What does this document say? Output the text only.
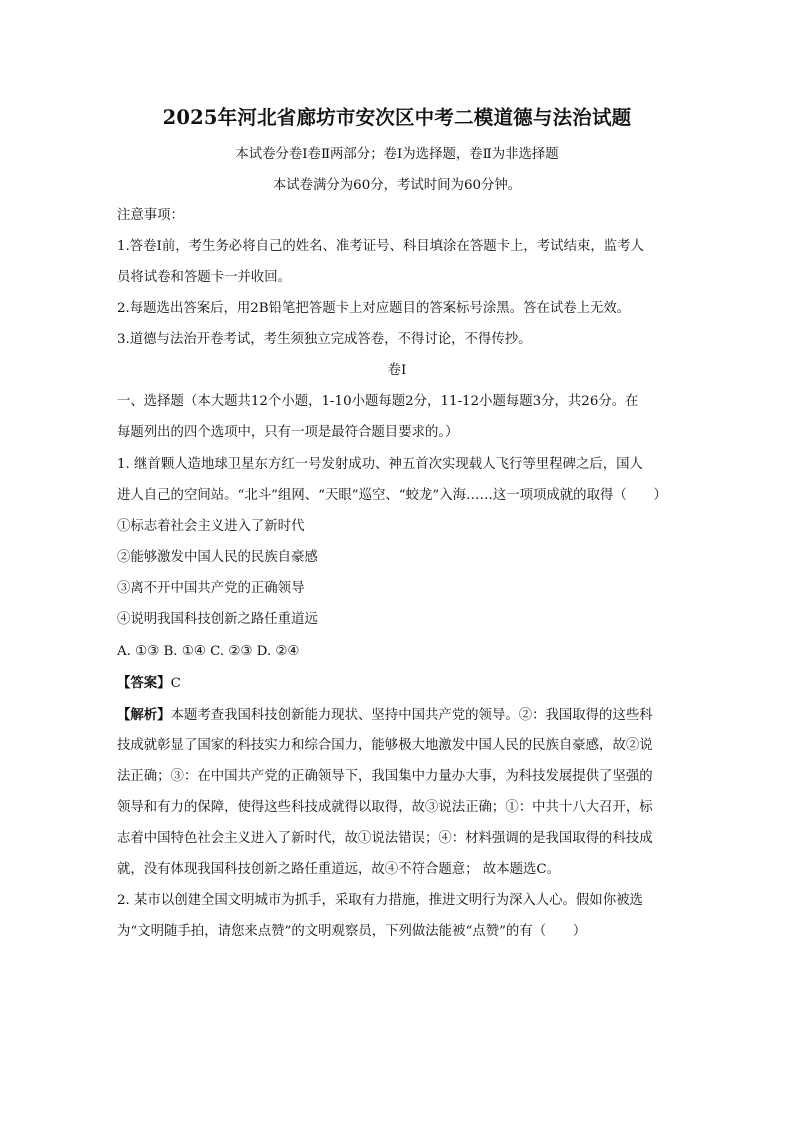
2025年河北省廊坊市安次区中考二模道德与法治试题
本试卷分卷Ⅰ卷Ⅱ两部分；卷Ⅰ为选择题，卷Ⅱ为非选择题
本试卷满分为60分，考试时间为60分钟。
注意事项：
1.答卷Ⅰ前，考生务必将自己的姓名、准考证号、科目填涂在答题卡上，考试结束，监考人
员将试卷和答题卡一并收回。
2.每题选出答案后，用2B铅笔把答题卡上对应题目的答案标号涂黑。答在试卷上无效。
3.道德与法治开卷考试，考生须独立完成答卷，不得讨论，不得传抄。
卷Ⅰ
一、选择题（本大题共12个小题，1-10小题每题2分，11-12小题每题3分，共26分。在
每题列出的四个选项中，只有一项是最符合题目要求的。）
1. 继首颗人造地球卫星东方红一号发射成功、神五首次实现载人飞行等里程碑之后，国人
进人自己的空间站。“北斗”组网、“天眼”巡空、“蛟龙”入海……这一项项成就的取得（　　）
①标志着社会主义进入了新时代
②能够激发中国人民的民族自豪感
③离不开中国共产党的正确领导
④说明我国科技创新之路任重道远
A. ①③ B. ①④ C. ②③ D. ②④
【答案】C
【解析】本题考查我国科技创新能力现状、坚持中国共产党的领导。②：我国取得的这些科
技成就彰显了国家的科技实力和综合国力，能够极大地激发中国人民的民族自豪感，故②说
法正确；③：在中国共产党的正确领导下，我国集中力量办大事，为科技发展提供了坚强的
领导和有力的保障，使得这些科技成就得以取得，故③说法正确；①：中共十八大召开，标
志着中国特色社会主义进入了新时代，故①说法错误；④：材料强调的是我国取得的科技成
就，没有体现我国科技创新之路任重道远，故④不符合题意； 故本题选C。
2. 某市以创建全国文明城市为抓手，采取有力措施，推进文明行为深入人心。假如你被选
为“文明随手拍，请您来点赞”的文明观察员，下列做法能被“点赞”的有（　　）
